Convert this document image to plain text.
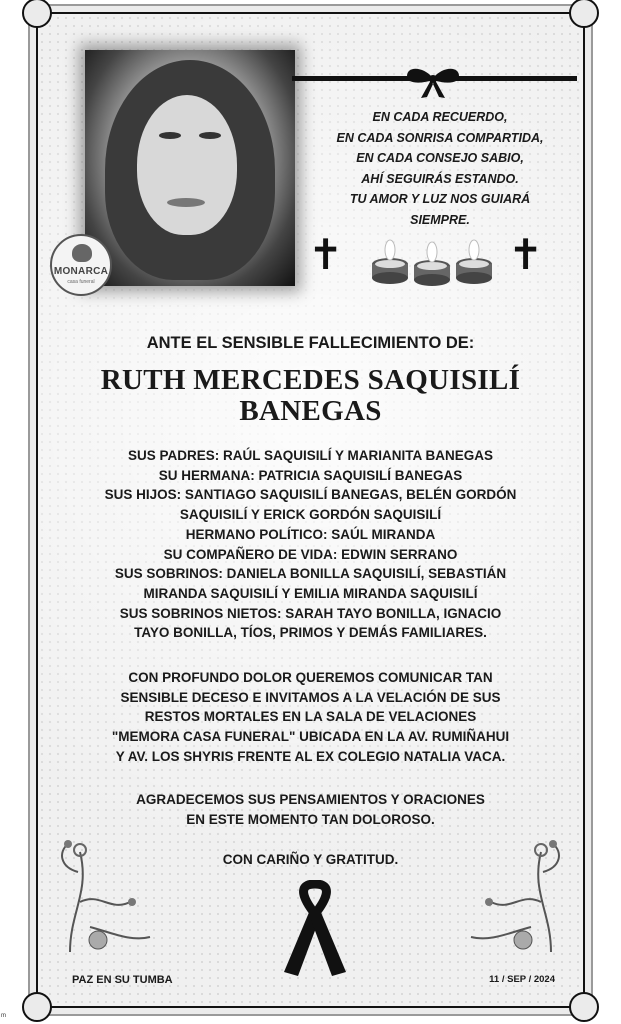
MONARCA
casa funeral
EN CADA RECUERDO,
EN CADA SONRISA COMPARTIDA,
EN CADA CONSEJO SABIO,
AHÍ SEGUIRÁS ESTANDO.
TU AMOR Y LUZ NOS GUIARÁ
SIEMPRE.
✝	✝
ANTE EL SENSIBLE FALLECIMIENTO DE:
RUTH MERCEDES SAQUISILÍ
BANEGAS
SUS PADRES: RAÚL SAQUISILÍ Y MARIANITA BANEGAS
SU HERMANA: PATRICIA SAQUISILÍ BANEGAS
SUS HIJOS: SANTIAGO SAQUISILÍ BANEGAS, BELÉN GORDÓN
SAQUISILÍ Y ERICK GORDÓN SAQUISILÍ
HERMANO POLÍTICO: SAÚL MIRANDA
SU COMPAÑERO DE VIDA: EDWIN SERRANO
SUS SOBRINOS: DANIELA BONILLA SAQUISILÍ, SEBASTIÁN
MIRANDA SAQUISILÍ Y EMILIA MIRANDA SAQUISILÍ
SUS SOBRINOS NIETOS: SARAH TAYO BONILLA, IGNACIO
TAYO BONILLA, TÍOS, PRIMOS Y DEMÁS FAMILIARES.
CON PROFUNDO DOLOR QUEREMOS COMUNICAR TAN
SENSIBLE DECESO E INVITAMOS A LA VELACIÓN DE SUS
RESTOS MORTALES EN LA SALA DE VELACIONES
"MEMORA CASA FUNERAL" UBICADA EN LA AV. RUMIÑAHUI
Y AV. LOS SHYRIS FRENTE AL EX COLEGIO NATALIA VACA.
AGRADECEMOS SUS PENSAMIENTOS Y ORACIONES
EN ESTE MOMENTO TAN DOLOROSO.
CON CARIÑO Y GRATITUD.
PAZ EN SU TUMBA	11 / SEP / 2024
m
